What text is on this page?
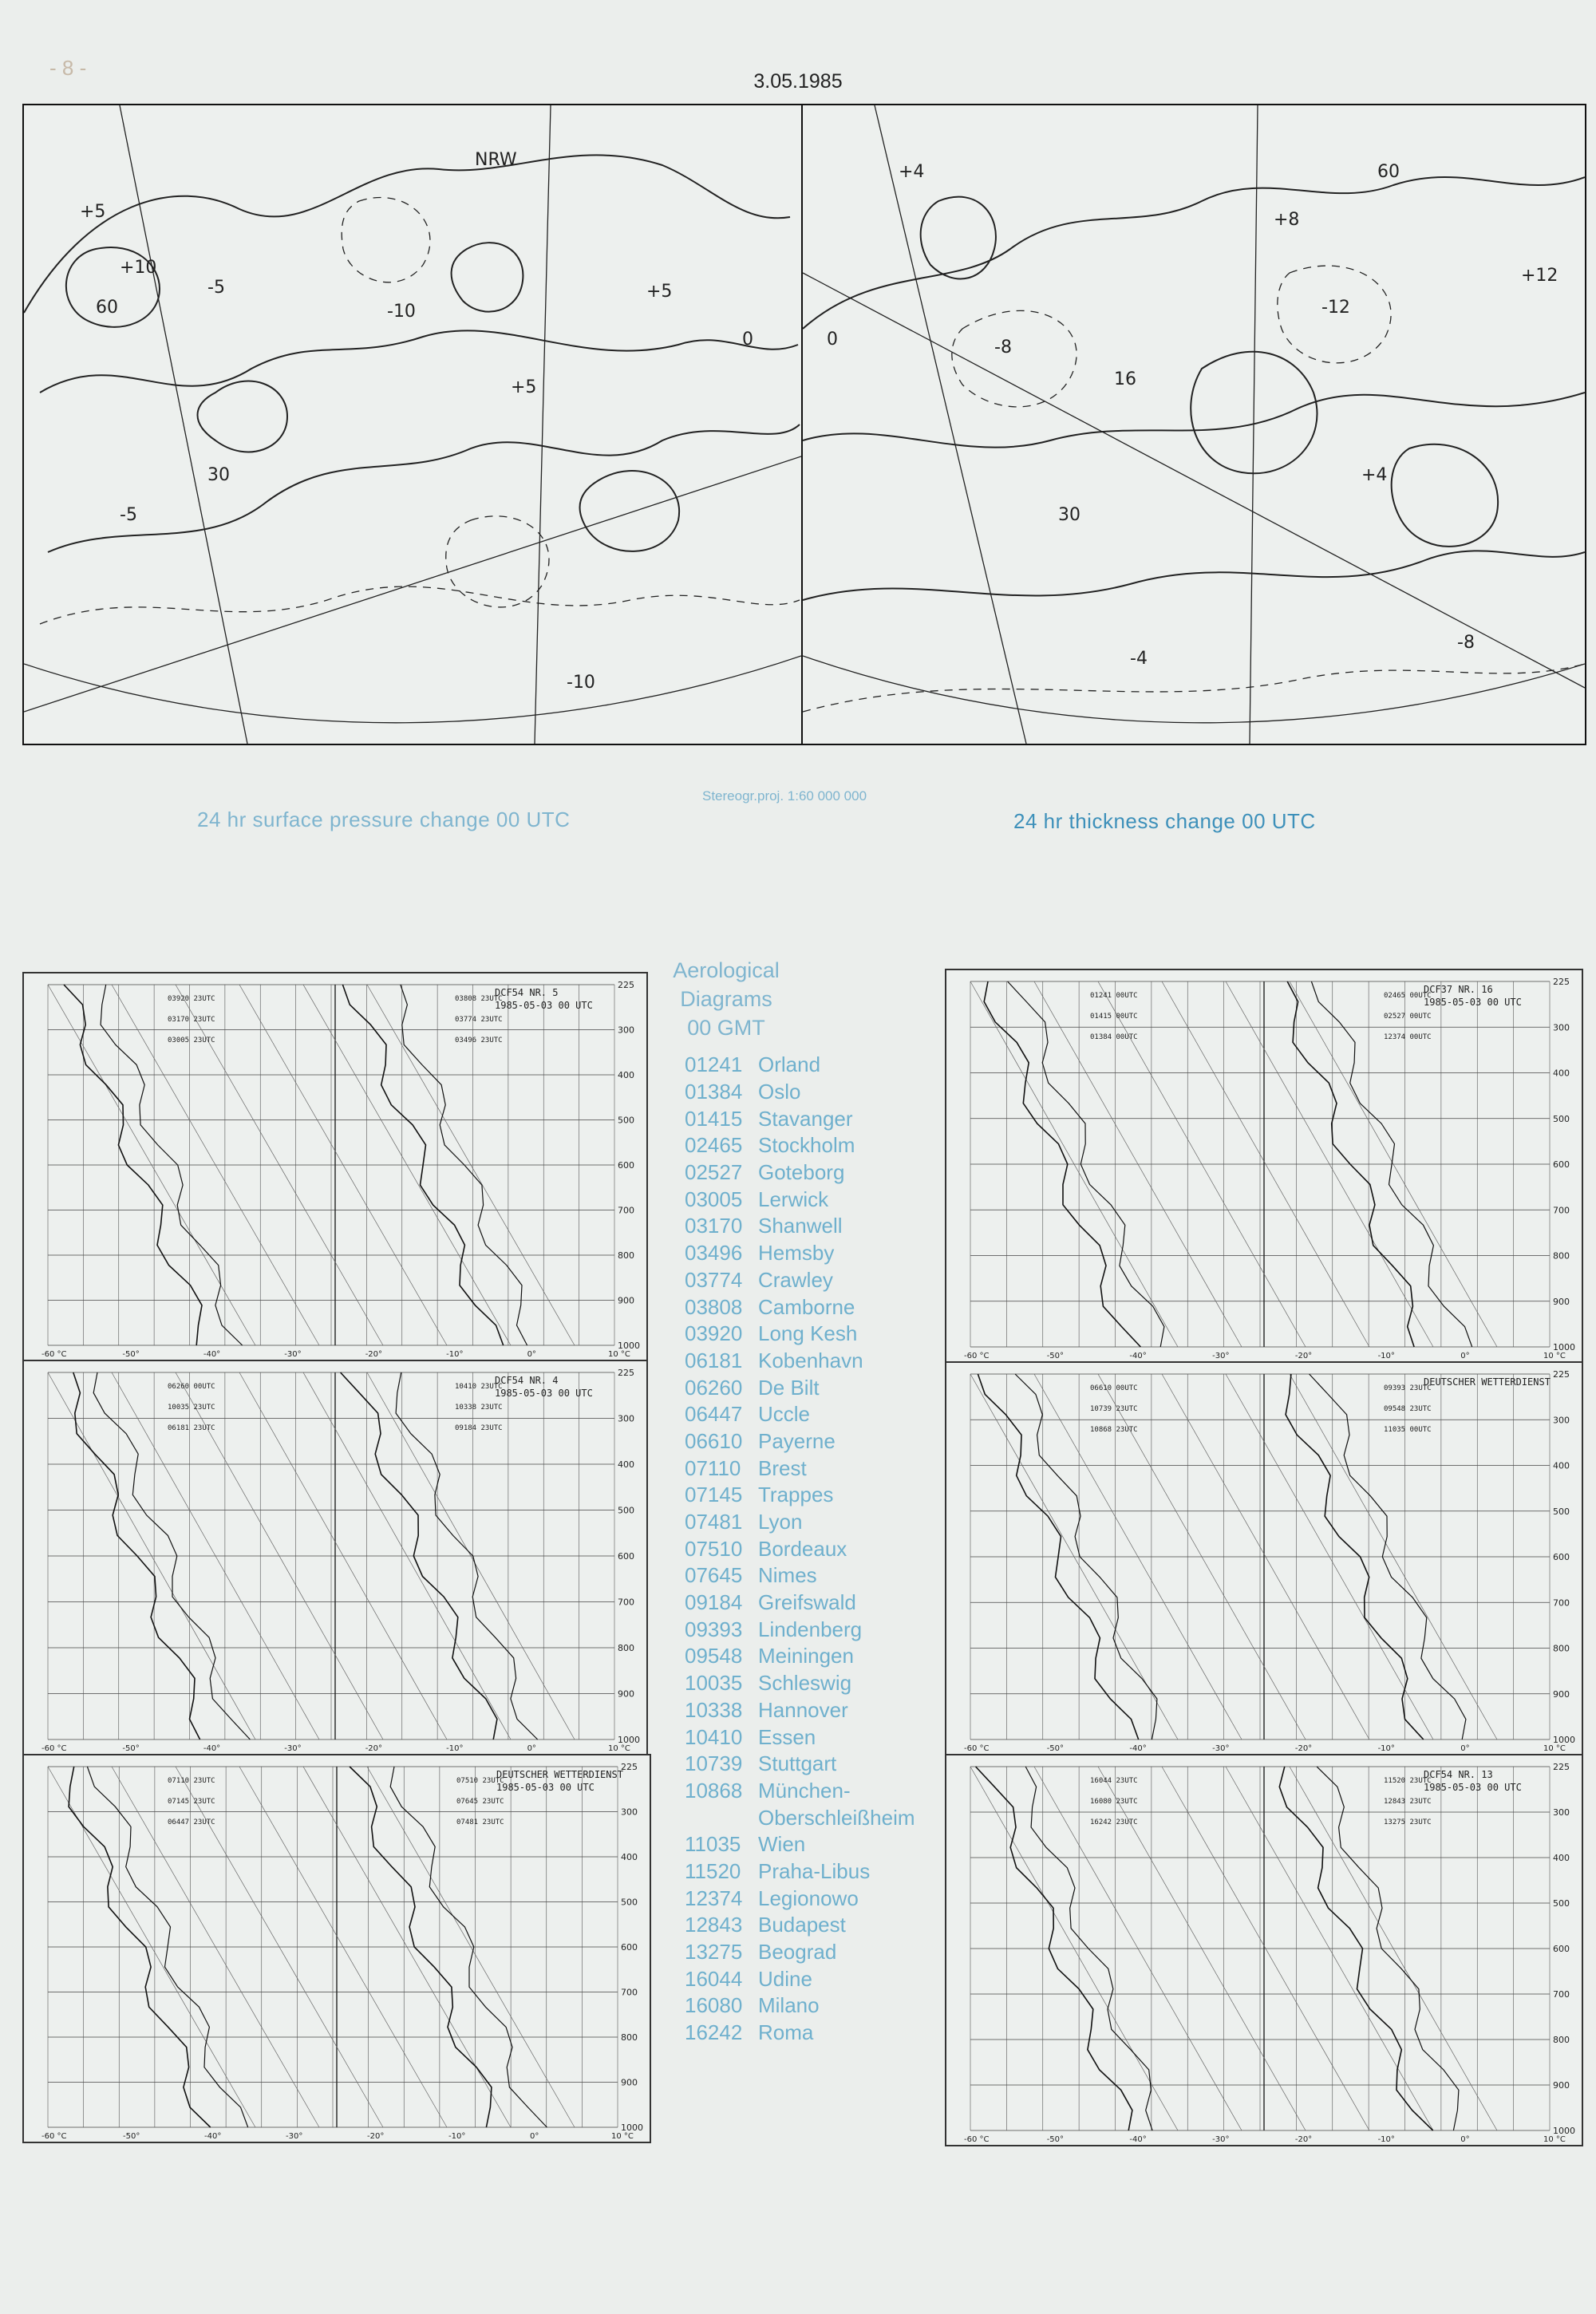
- 8 -
3.05.1985
+5
+10
-5
-10
NRW
30
+5
0
-5
+5
60
-10
+4
0	-8
-12
30
+8
+12
-4
+4
16
60
-8
Stereogr.proj. 1:60 000 000
24 hr surface pressure change 00 UTC	24 hr thickness change 00 UTC
Aerological
Diagrams
00 GMT
01241 Orland
01384 Oslo
01415 Stavanger
02465 Stockholm
02527 Goteborg
03005 Lerwick
03170 Shanwell
03496 Hemsby
03774 Crawley
03808 Camborne
03920 Long Kesh
06181 Kobenhavn
06260 De Bilt
06447 Uccle
06610 Payerne
07110 Brest
07145 Trappes
07481 Lyon
07510 Bordeaux
07645 Nimes
09184 Greifswald
09393 Lindenberg
09548 Meiningen
10035 Schleswig
10338 Hannover
10410 Essen
10739 Stuttgart
10868 München-
Oberschleißheim
11035 Wien
11520 Praha-Libus
12374 Legionowo
12843 Budapest
13275 Beograd
16044 Udine
16080 Milano
16242 Roma
225
300
400
500
600
700
800
900
1000
-60 °C	-50°	-40°	-30°	-20°	-10°	0°	10 °C
DCF54 NR. 5
1985-05-03 00 UTC
03920 23UTC
03170 23UTC
03005 23UTC
03808 23UTC
03774 23UTC
03496 23UTC
225
300
400
500
600
700
800
900
1000
-60 °C	-50°	-40°	-30°	-20°	-10°	0°	10 °C
DCF54 NR. 4
1985-05-03 00 UTC
06260 00UTC
10035 23UTC
06181 23UTC
10410 23UTC
10338 23UTC
09184 23UTC
225
300
400
500
600
700
800
900
1000
-60 °C	-50°	-40°	-30°	-20°	-10°	0°	10 °C
DEUTSCHER WETTERDIENST
1985-05-03 00 UTC
07110 23UTC
07145 23UTC
06447 23UTC
07510 23UTC
07645 23UTC
07481 23UTC
225
300
400
500
600
700
800
900
1000
-60 °C	-50°	-40°	-30°	-20°	-10°	0°	10 °C
DCF37 NR. 16
1985-05-03 00 UTC
01241 00UTC
01415 00UTC
01384 00UTC
02465 00UTC
02527 00UTC
12374 00UTC
225
300
400
500
600
700
800
900
1000
-60 °C	-50°	-40°	-30°	-20°	-10°	0°	10 °C
DEUTSCHER WETTERDIENST
06610 00UTC
10739 23UTC
10868 23UTC
09393 23UTC
09548 23UTC
11035 00UTC
225
300
400
500
600
700
800
900
1000
-60 °C	-50°	-40°	-30°	-20°	-10°	0°	10 °C
DCF54 NR. 13
1985-05-03 00 UTC
16044 23UTC
16080 23UTC
16242 23UTC
11520 23UTC
12843 23UTC
13275 23UTC
